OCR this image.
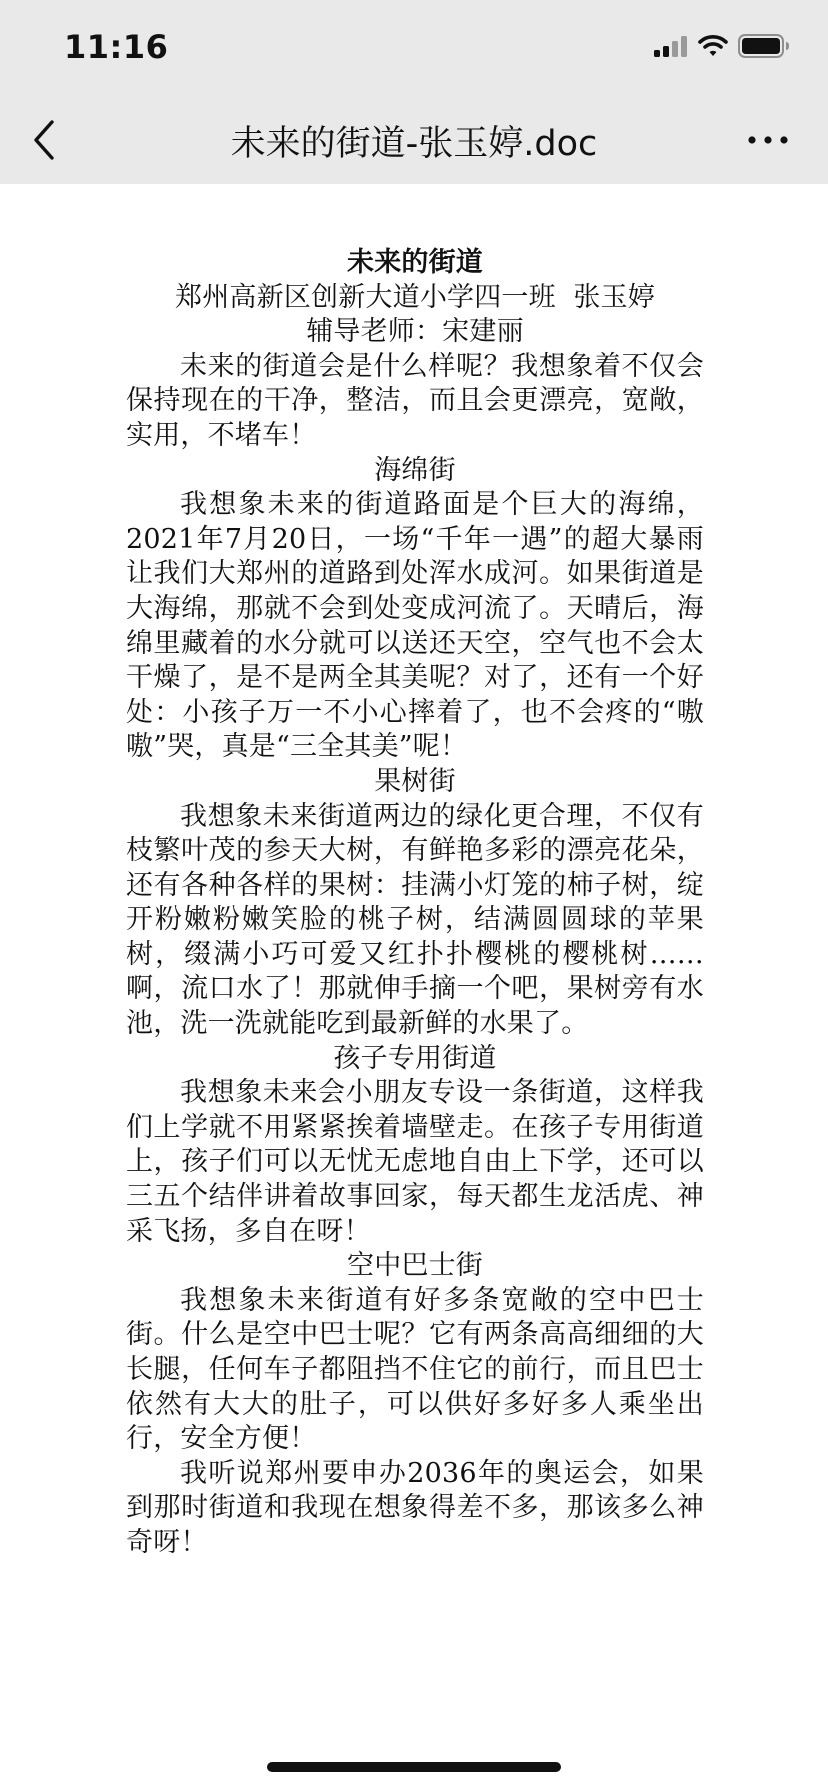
11:16
未来的街道-张玉婷.doc

未来的街道

郑州高新区创新大道小学四一班  张玉婷

辅导老师：宋建丽

未来的街道会是什么样呢？我想象着不仅会保持现在的干净，整洁，而且会更漂亮，宽敞，实用，不堵车！

海绵街

我想象未来的街道路面是个巨大的海绵，2021年7月20日，一场“千年一遇”的超大暴雨让我们大郑州的道路到处浑水成河。如果街道是大海绵，那就不会到处变成河流了。天晴后，海绵里藏着的水分就可以送还天空，空气也不会太干燥了，是不是两全其美呢？对了，还有一个好处：小孩子万一不小心摔着了，也不会疼的“嗷嗷”哭，真是“三全其美”呢！

果树街

我想象未来街道两边的绿化更合理，不仅有枝繁叶茂的参天大树，有鲜艳多彩的漂亮花朵，还有各种各样的果树：挂满小灯笼的柿子树，绽开粉嫩粉嫩笑脸的桃子树，结满圆圆球的苹果树，缀满小巧可爱又红扑扑樱桃的樱桃树……啊，流口水了！那就伸手摘一个吧，果树旁有水池，洗一洗就能吃到最新鲜的水果了。

孩子专用街道

我想象未来会小朋友专设一条街道，这样我们上学就不用紧紧挨着墙壁走。在孩子专用街道上，孩子们可以无忧无虑地自由上下学，还可以三五个结伴讲着故事回家，每天都生龙活虎、神采飞扬，多自在呀！

空中巴士街

我想象未来街道有好多条宽敞的空中巴士街。什么是空中巴士呢？它有两条高高细细的大长腿，任何车子都阻挡不住它的前行，而且巴士依然有大大的肚子，可以供好多好多人乘坐出行，安全方便！

我听说郑州要申办2036年的奥运会，如果到那时街道和我现在想象得差不多，那该多么神奇呀！
